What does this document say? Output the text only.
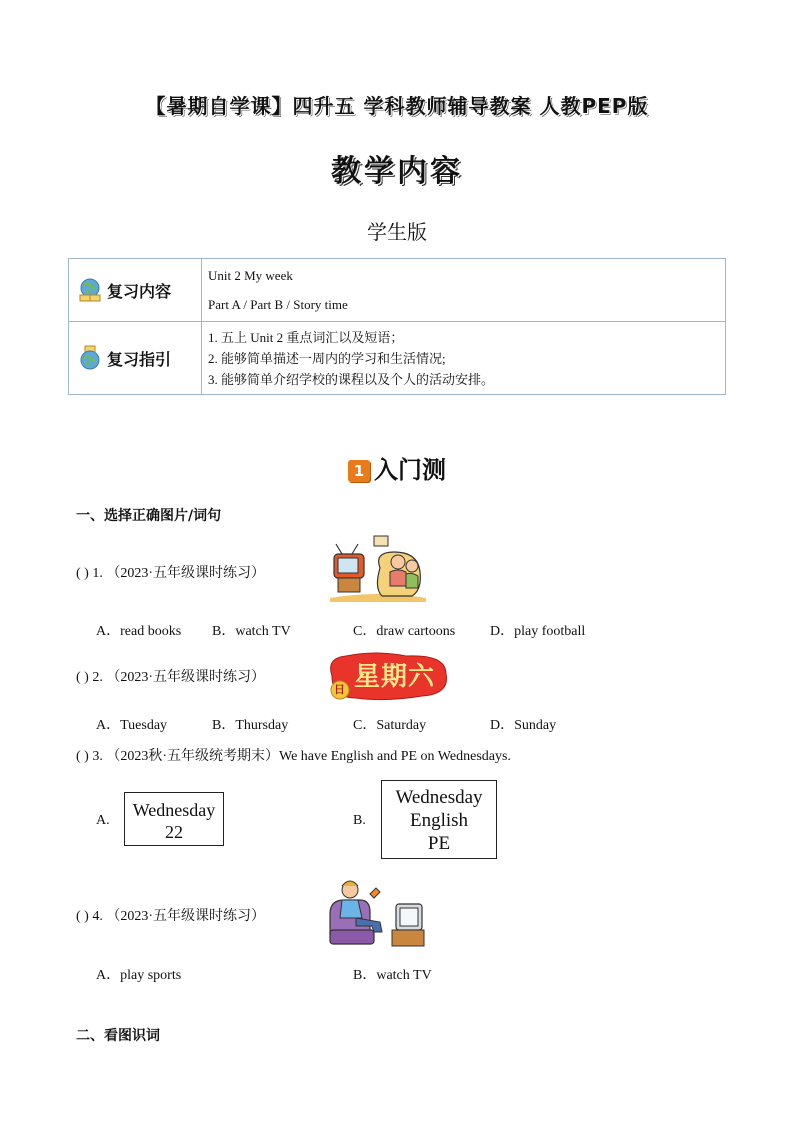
【暑期自学课】四升五 学科教师辅导教案 人教PEP版
教学内容
学生版
复习内容	Unit 2 My week
Part A / Part B / Story time

复习指引	1. 五上 Unit 2 重点词汇以及短语；
2. 能够简单描述一周内的学习和生活情况;
3. 能够简单介绍学校的课程以及个人的活动安排。
1 入门测
一、选择正确图片/词句
( ) 1. （2023·五年级课时练习）
A．read books B．watch TV	C．draw cartoons D．play football
( ) 2. （2023·五年级课时练习）
日 星期六
A．Tuesday	B．Thursday	C．Saturday	D．Sunday
( ) 3. （2023秋·五年级统考期末）We have English and PE on Wednesdays.
A.
Wednesday
22
B.
Wednesday
English
PE
( ) 4. （2023·五年级课时练习）
A．play sports	B．watch TV
二、看图识词
